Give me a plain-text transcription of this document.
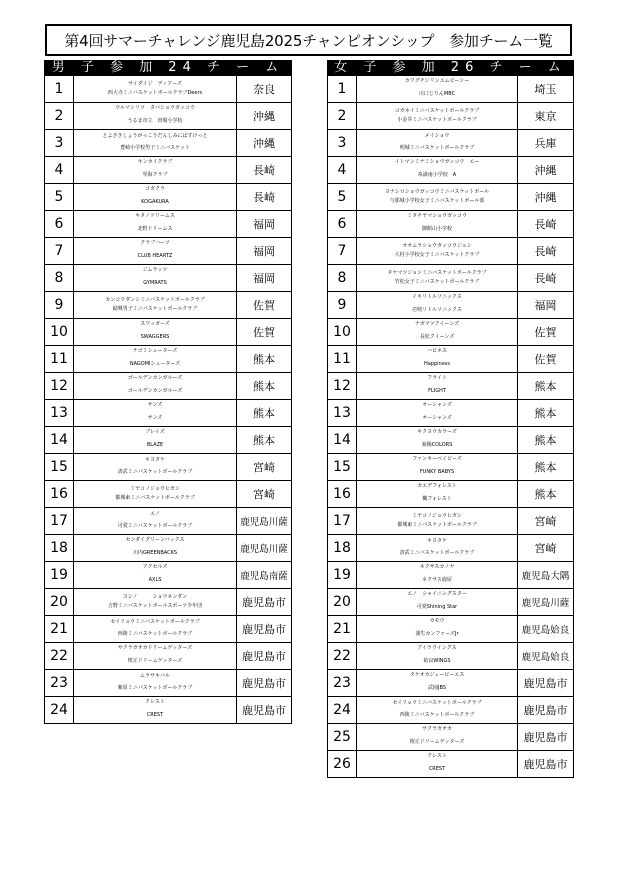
第4回サマーチャレンジ鹿児島2025チャンピオンシップ　参加チーム一覧
男 子 参 加 24 チ ー ム
1	サイダイジ　ディアーズ
西大寺ミニバスケットボールクラブDeers	奈良
2	ウルマシリツ　タバショウガッコウ
うるま市立　田場小学校	沖縄
3	とよさきしょうがっこうだんしみにばすけっと
豊崎小学校男子ミニバスケット	沖縄
4	キンカイクラブ
琴海クラブ	長崎
5	コガクラ
KOGAKURA	長崎
6	キタノドリームス
北野ドリームス	福岡
7	クラブハーツ
CLUB HEARTZ	福岡
8	ジムラッツ
GYMRATS	福岡
9	カンコウダンシミニバスケットボールクラブ
勧興男子ミニバスケットボールクラブ	佐賀
10	スワッガーズ
SWAGGERS	佐賀
11	ナゴミシューターズ
NAGOMIシューターズ	熊本
12	ゴールデンカンガルーズ
ゴールデンカンガルーズ	熊本
13	サンズ
サンズ	熊本
14	ブレイズ
BLAZE	熊本
15	キヨタケ
清武ミニバスケットボールクラブ	宮崎
16	ミヤコノジョウヒガシ
都城東ミニバスケットボールクラブ	宮崎
17	エノ
可愛ミニバスケットボールクラブ	鹿児島川薩
18	センダイグリーンバックス
川内GREENBACKS	鹿児島川薩
19	アクセルズ
AXLS	鹿児島南薩
20	ヨシノ　　　ショウネンダン
吉野ミニバスケットボールスポーツ少年団	鹿児島市
21	セイリョウミニバスケットボールクラブ
西陵ミニバスケットボールクラブ	鹿児島市
22	サクラガオカドリームゲッターズ
桜丘ドリームゲッターズ	鹿児島市
23	ムラサキバル
紫原ミニバスケットボールクラブ	鹿児島市
24	クレスト
CREST	鹿児島市
女 子 参 加 26 チ ー ム
1	カワグチジリンエムビーシー
川口じりんMBC	埼玉
2	コガネイミニバスケットボールクラブ
小金井ミニバスケットボールクラブ	東京
3	メイショウ
明城ミニバスケットボールクラブ	兵庫
4	イトマンミナミショウガッコウ　エー
糸満南小学校　A	沖縄
5	ヨナシロショウガッコウミニバスケットボール
与那城小学校女子ミニバスケットボール部	沖縄
6	ミタチヤマショウガッコウ
御館山小学校	長崎
7	オオムラショウガッコウジョシ
大村小学校女子ミニバスケットクラブ	長崎
8	タケマツジョシミニバスケットボールクラブ
竹松女子ミニバスケットボールクラブ	長崎
9	イキリトルソニックス
壱岐リトルソニックス	福岡
10	ナガマツクイーンズ
長松クイーンズ	佐賀
11	ハピネス
Happiness	佐賀
12	フライト
FLIGHT	熊本
13	オーシャンズ
オーシャンズ	熊本
14	キクヨウカラーズ
菊陽COLORS	熊本
15	ファンキーベイビーズ
FUNKY BABYS	熊本
16	カエデフォレスト
楓フォレスト	熊本
17	ミヤコノジョウヒガシ
都城東ミニバスケットボールクラブ	宮崎
18	キヨタケ
清武ミニバスケットボールクラブ	宮崎
19	ネクサスカノヤ
ネクサス鹿屋	鹿児島大隅
20	エノ　シャイニングスター
可愛Shining Star	鹿児島川薩
21	カモウ
蒲生カンファーズJr	鹿児島姶良
22	アイラウイングス
姶良WINGS	鹿児島姶良
23	タケオカジェービーエス
武岡JBS	鹿児島市
24	セイリョウミニバスケットボールクラブ
西陵ミニバスケットボールクラブ	鹿児島市
25	サクラガオカ
桜丘ドリームゲッターズ	鹿児島市
26	クレスト
CREST	鹿児島市
